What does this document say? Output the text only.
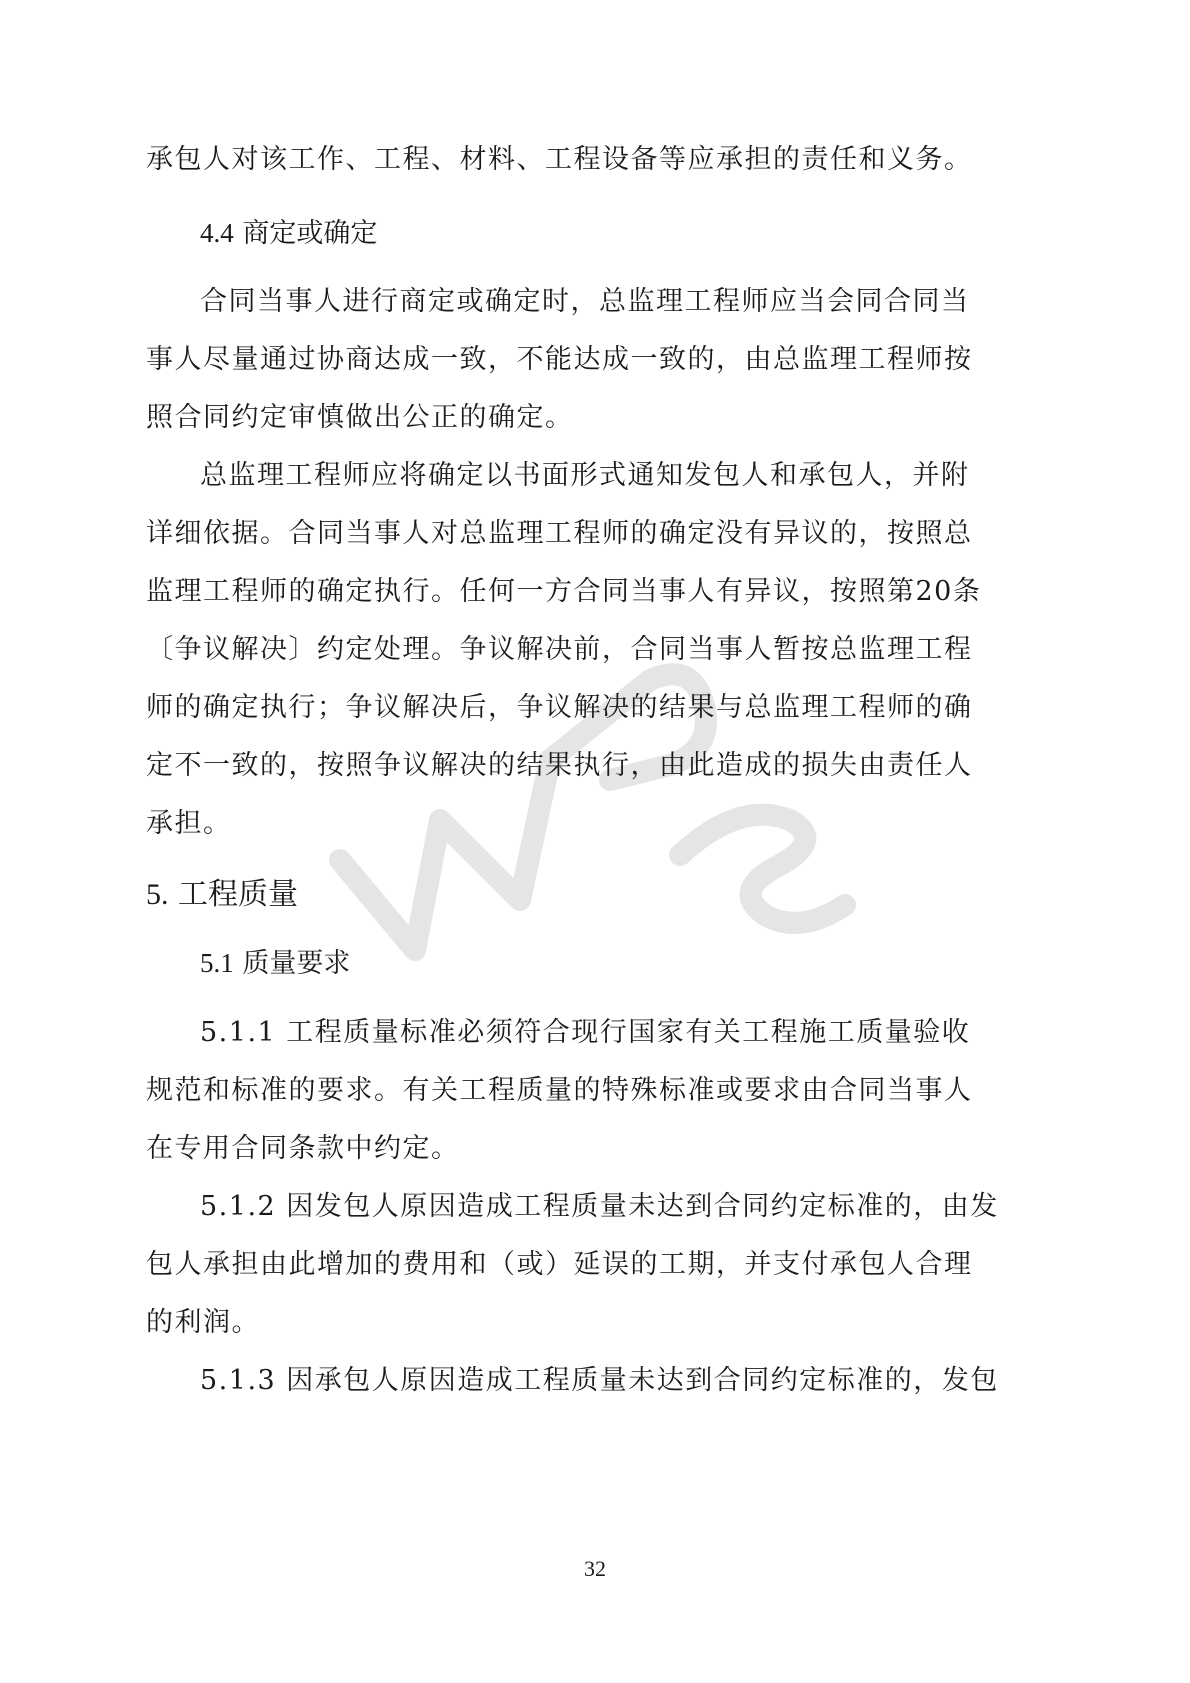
承包人对该工作、工程、材料、工程设备等应承担的责任和义务。
4.4 商定或确定
合同当事人进行商定或确定时，总监理工程师应当会同合同当
事人尽量通过协商达成一致，不能达成一致的，由总监理工程师按
照合同约定审慎做出公正的确定。
总监理工程师应将确定以书面形式通知发包人和承包人，并附
详细依据。合同当事人对总监理工程师的确定没有异议的，按照总
监理工程师的确定执行。任何一方合同当事人有异议，按照第20条
〔争议解决〕约定处理。争议解决前，合同当事人暂按总监理工程
师的确定执行；争议解决后，争议解决的结果与总监理工程师的确
定不一致的，按照争议解决的结果执行，由此造成的损失由责任人
承担。
5. 工程质量
5.1 质量要求
5.1.1 工程质量标准必须符合现行国家有关工程施工质量验收
规范和标准的要求。有关工程质量的特殊标准或要求由合同当事人
在专用合同条款中约定。
5.1.2 因发包人原因造成工程质量未达到合同约定标准的，由发
包人承担由此增加的费用和（或）延误的工期，并支付承包人合理
的利润。
5.1.3 因承包人原因造成工程质量未达到合同约定标准的，发包
32
